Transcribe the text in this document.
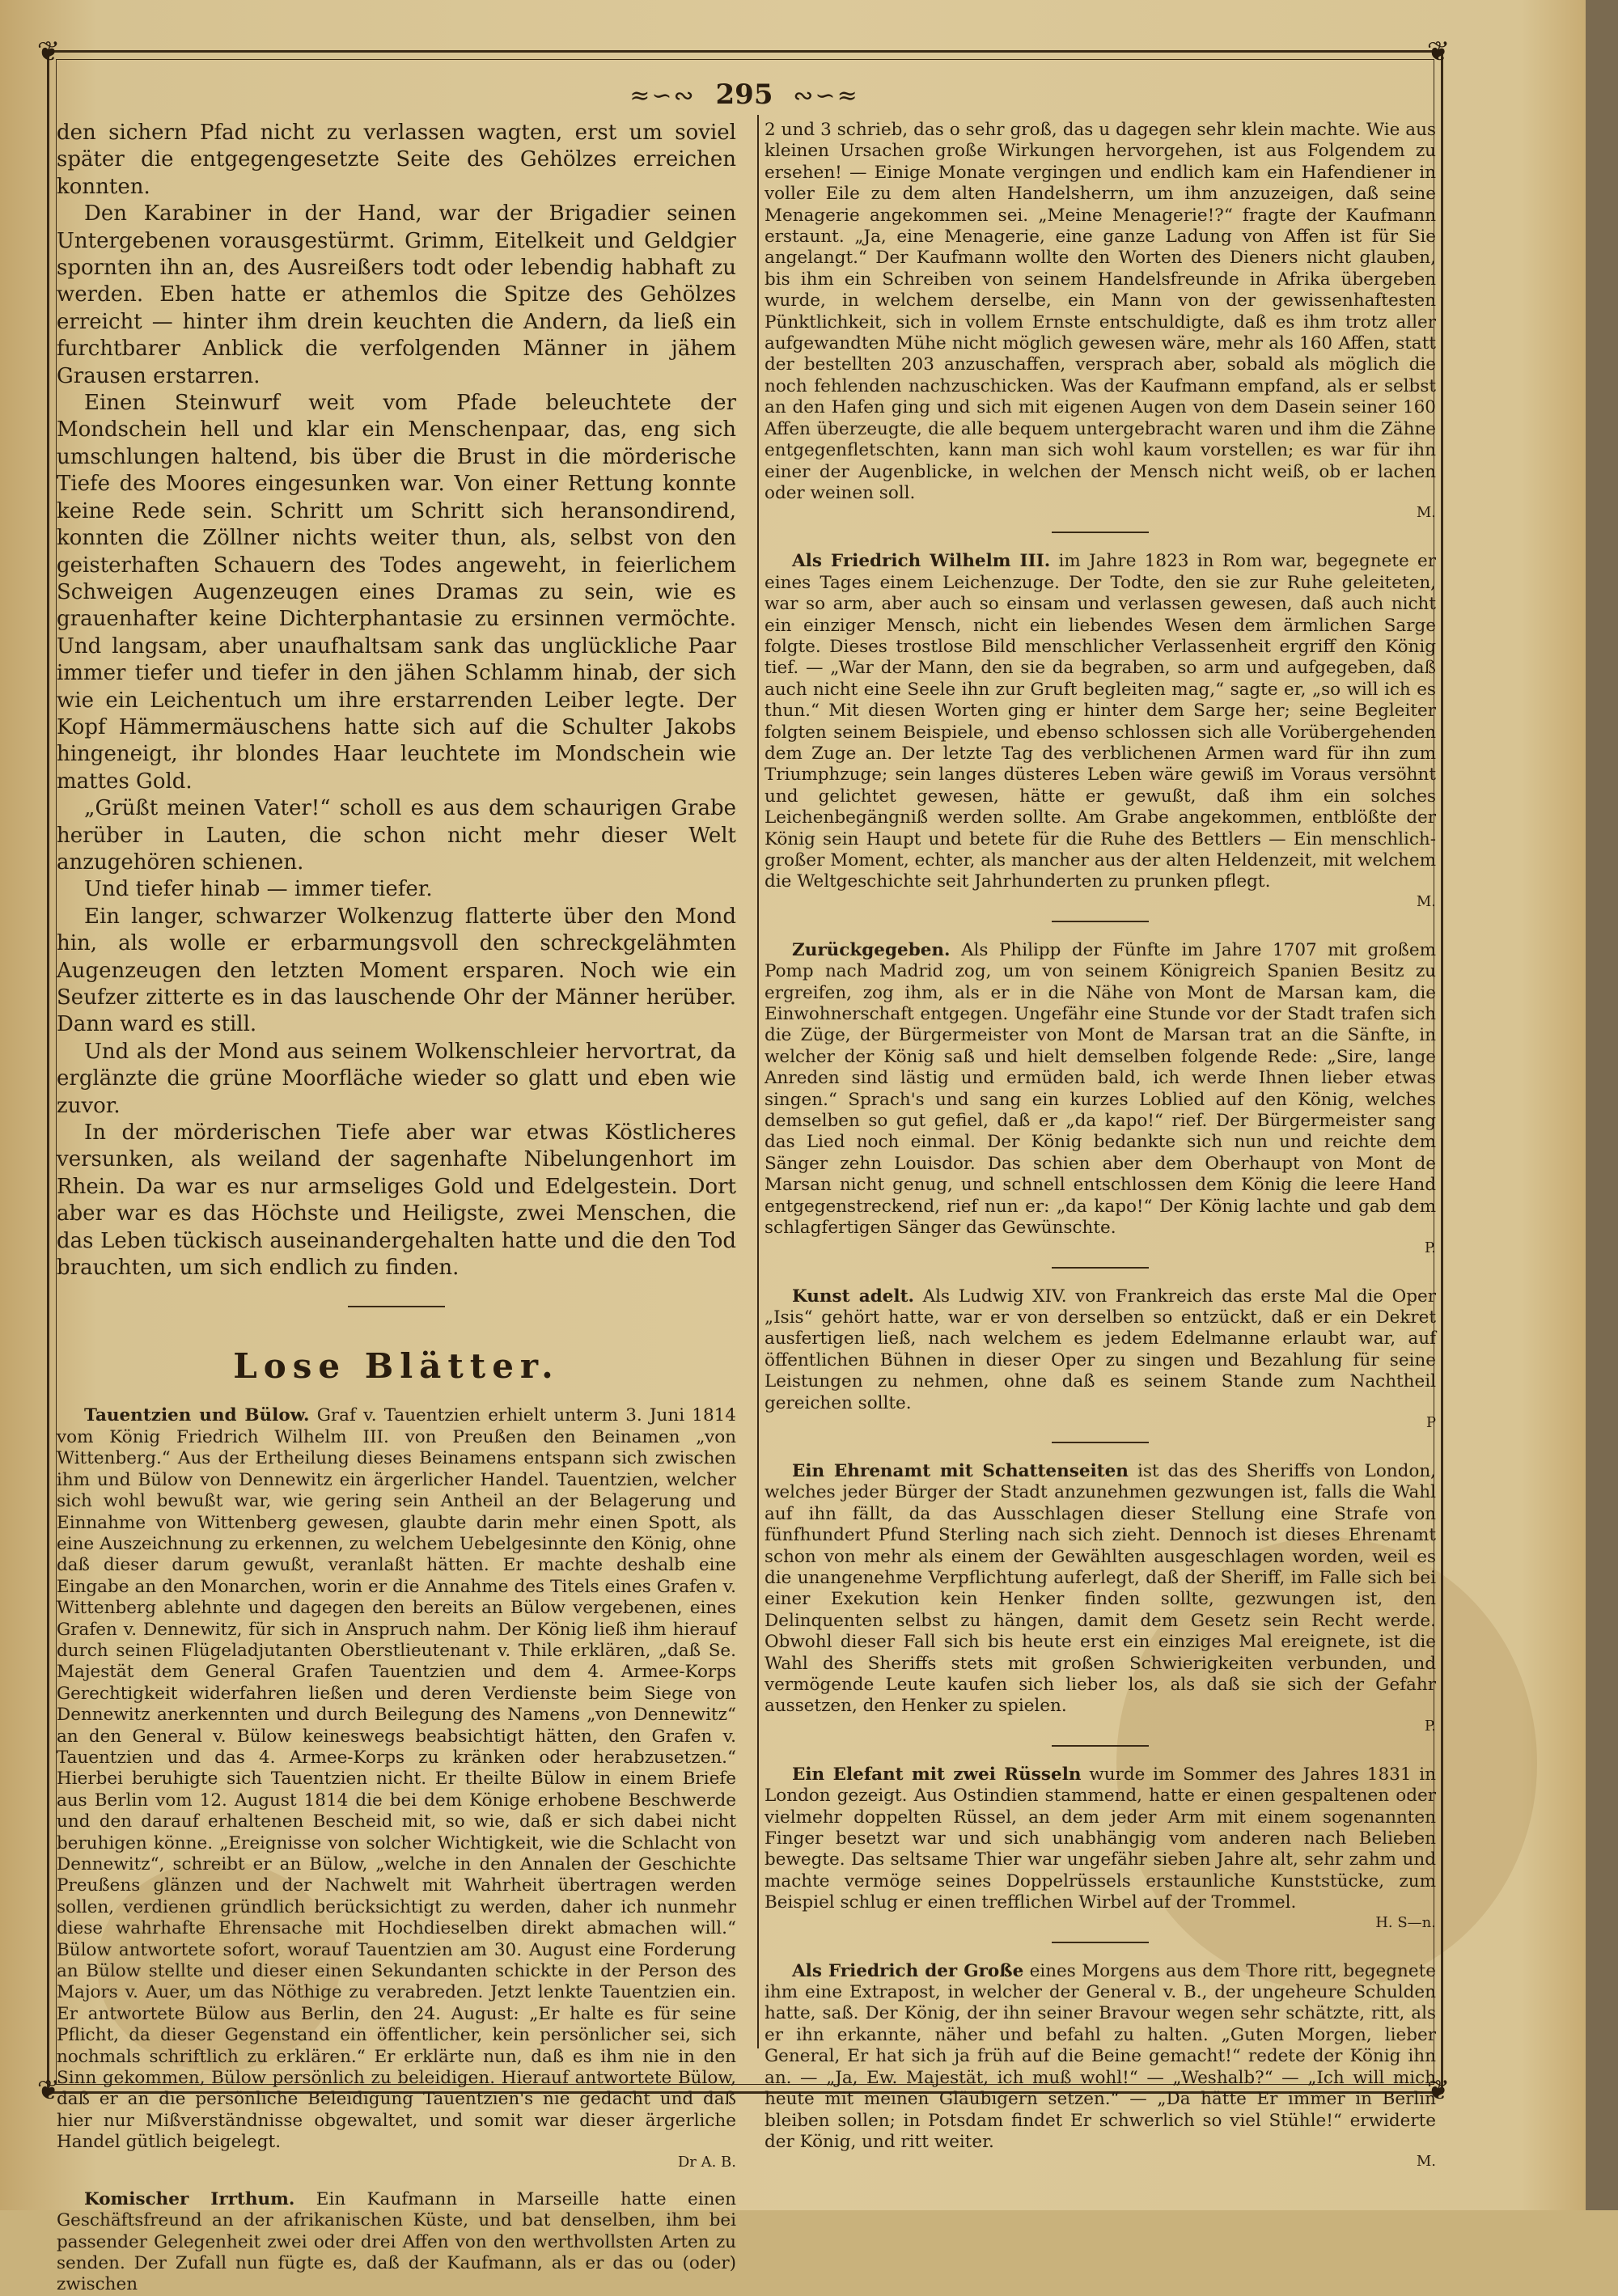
❦	❦
❦	❦
≈∽∾ 295 ∾∽≈

den sichern Pfad nicht zu verlassen wagten, erst um soviel später die entgegengesetzte Seite des Gehölzes erreichen konnten.

Den Karabiner in der Hand, war der Brigadier seinen Untergebenen vorausgestürmt. Grimm, Eitelkeit und Geldgier spornten ihn an, des Ausreißers todt oder lebendig habhaft zu werden. Eben hatte er athemlos die Spitze des Gehölzes erreicht — hinter ihm drein keuchten die Andern, da ließ ein furchtbarer Anblick die verfolgenden Männer in jähem Grausen erstarren.

Einen Steinwurf weit vom Pfade beleuchtete der Mondschein hell und klar ein Menschenpaar, das, eng sich umschlungen haltend, bis über die Brust in die mörderische Tiefe des Moores eingesunken war. Von einer Rettung konnte keine Rede sein. Schritt um Schritt sich heransondirend, konnten die Zöllner nichts weiter thun, als, selbst von den geisterhaften Schauern des Todes angeweht, in feierlichem Schweigen Augenzeugen eines Dramas zu sein, wie es grauenhafter keine Dichterphantasie zu ersinnen vermöchte. Und langsam, aber unaufhaltsam sank das unglückliche Paar immer tiefer und tiefer in den jähen Schlamm hinab, der sich wie ein Leichentuch um ihre erstarrenden Leiber legte. Der Kopf Hämmermäuschens hatte sich auf die Schulter Jakobs hingeneigt, ihr blondes Haar leuchtete im Mondschein wie mattes Gold.

„Grüßt meinen Vater!“ scholl es aus dem schaurigen Grabe herüber in Lauten, die schon nicht mehr dieser Welt anzugehören schienen.

Und tiefer hinab — immer tiefer.

Ein langer, schwarzer Wolkenzug flatterte über den Mond hin, als wolle er erbarmungsvoll den schreckgelähmten Augenzeugen den letzten Moment ersparen. Noch wie ein Seufzer zitterte es in das lauschende Ohr der Männer herüber. Dann ward es still.

Und als der Mond aus seinem Wolkenschleier hervortrat, da erglänzte die grüne Moorfläche wieder so glatt und eben wie zuvor.

In der mörderischen Tiefe aber war etwas Köstlicheres versunken, als weiland der sagenhafte Nibelungenhort im Rhein. Da war es nur armseliges Gold und Edelgestein. Dort aber war es das Höchste und Heiligste, zwei Menschen, die das Leben tückisch auseinandergehalten hatte und die den Tod brauchten, um sich endlich zu finden.

Lose Blätter.

Tauentzien und Bülow. Graf v. Tauentzien erhielt unterm 3. Juni 1814 vom König Friedrich Wilhelm III. von Preußen den Beinamen „von Wittenberg.“ Aus der Ertheilung dieses Beinamens entspann sich zwischen ihm und Bülow von Dennewitz ein ärgerlicher Handel. Tauentzien, welcher sich wohl bewußt war, wie gering sein Antheil an der Belagerung und Einnahme von Wittenberg gewesen, glaubte darin mehr einen Spott, als eine Auszeichnung zu erkennen, zu welchem Uebelgesinnte den König, ohne daß dieser darum gewußt, veranlaßt hätten. Er machte deshalb eine Eingabe an den Monarchen, worin er die Annahme des Titels eines Grafen v. Wittenberg ablehnte und dagegen den bereits an Bülow vergebenen, eines Grafen v. Dennewitz, für sich in Anspruch nahm. Der König ließ ihm hierauf durch seinen Flügeladjutanten Oberstlieutenant v. Thile erklären, „daß Se. Majestät dem General Grafen Tauentzien und dem 4. Armee-Korps Gerechtigkeit widerfahren ließen und deren Verdienste beim Siege von Dennewitz anerkennten und durch Beilegung des Namens „von Dennewitz“ an den General v. Bülow keineswegs beabsichtigt hätten, den Grafen v. Tauentzien und das 4. Armee-Korps zu kränken oder herabzusetzen.“ Hierbei beruhigte sich Tauentzien nicht. Er theilte Bülow in einem Briefe aus Berlin vom 12. August 1814 die bei dem Könige erhobene Beschwerde und den darauf erhaltenen Bescheid mit, so wie, daß er sich dabei nicht beruhigen könne. „Ereignisse von solcher Wichtigkeit, wie die Schlacht von Dennewitz“, schreibt er an Bülow, „welche in den Annalen der Geschichte Preußens glänzen und der Nachwelt mit Wahrheit übertragen werden sollen, verdienen gründlich berücksichtigt zu werden, daher ich nunmehr diese wahrhafte Ehrensache mit Hochdieselben direkt abmachen will.“ Bülow antwortete sofort, worauf Tauentzien am 30. August eine Forderung an Bülow stellte und dieser einen Sekundanten schickte in der Person des Majors v. Auer, um das Nöthige zu verabreden. Jetzt lenkte Tauentzien ein. Er antwortete Bülow aus Berlin, den 24. August: „Er halte es für seine Pflicht, da dieser Gegenstand ein öffentlicher, kein persönlicher sei, sich nochmals schriftlich zu erklären.“ Er erklärte nun, daß es ihm nie in den Sinn gekommen, Bülow persönlich zu beleidigen. Hierauf antwortete Bülow, daß er an die persönliche Beleidigung Tauentzien's nie gedacht und daß hier nur Mißverständnisse obgewaltet, und somit war dieser ärgerliche Handel gütlich beigelegt.

Dr A. B.

Komischer Irrthum. Ein Kaufmann in Marseille hatte einen Geschäftsfreund an der afrikanischen Küste, und bat denselben, ihm bei passender Gelegenheit zwei oder drei Affen von den werthvollsten Arten zu senden. Der Zufall nun fügte es, daß der Kaufmann, als er das ou (oder) zwischen

2 und 3 schrieb, das o sehr groß, das u dagegen sehr klein machte. Wie aus kleinen Ursachen große Wirkungen hervorgehen, ist aus Folgendem zu ersehen! — Einige Monate vergingen und endlich kam ein Hafendiener in voller Eile zu dem alten Handelsherrn, um ihm anzuzeigen, daß seine Menagerie angekommen sei. „Meine Menagerie!?“ fragte der Kaufmann erstaunt. „Ja, eine Menagerie, eine ganze Ladung von Affen ist für Sie angelangt.“ Der Kaufmann wollte den Worten des Dieners nicht glauben, bis ihm ein Schreiben von seinem Handelsfreunde in Afrika übergeben wurde, in welchem derselbe, ein Mann von der gewissenhaftesten Pünktlichkeit, sich in vollem Ernste entschuldigte, daß es ihm trotz aller aufgewandten Mühe nicht möglich gewesen wäre, mehr als 160 Affen, statt der bestellten 203 anzuschaffen, versprach aber, sobald als möglich die noch fehlenden nachzuschicken. Was der Kaufmann empfand, als er selbst an den Hafen ging und sich mit eigenen Augen von dem Dasein seiner 160 Affen überzeugte, die alle bequem untergebracht waren und ihm die Zähne entgegenfletschten, kann man sich wohl kaum vorstellen; es war für ihn einer der Augenblicke, in welchen der Mensch nicht weiß, ob er lachen oder weinen soll.

M.

Als Friedrich Wilhelm III. im Jahre 1823 in Rom war, begegnete er eines Tages einem Leichenzuge. Der Todte, den sie zur Ruhe geleiteten, war so arm, aber auch so einsam und verlassen gewesen, daß auch nicht ein einziger Mensch, nicht ein liebendes Wesen dem ärmlichen Sarge folgte. Dieses trostlose Bild menschlicher Verlassenheit ergriff den König tief. — „War der Mann, den sie da begraben, so arm und aufgegeben, daß auch nicht eine Seele ihn zur Gruft begleiten mag,“ sagte er, „so will ich es thun.“ Mit diesen Worten ging er hinter dem Sarge her; seine Begleiter folgten seinem Beispiele, und ebenso schlossen sich alle Vorübergehenden dem Zuge an. Der letzte Tag des verblichenen Armen ward für ihn zum Triumphzuge; sein langes düsteres Leben wäre gewiß im Voraus versöhnt und gelichtet gewesen, hätte er gewußt, daß ihm ein solches Leichenbegängniß werden sollte. Am Grabe angekommen, entblößte der König sein Haupt und betete für die Ruhe des Bettlers — Ein menschlich-großer Moment, echter, als mancher aus der alten Heldenzeit, mit welchem die Weltgeschichte seit Jahrhunderten zu prunken pflegt.

M.

Zurückgegeben. Als Philipp der Fünfte im Jahre 1707 mit großem Pomp nach Madrid zog, um von seinem Königreich Spanien Besitz zu ergreifen, zog ihm, als er in die Nähe von Mont de Marsan kam, die Einwohnerschaft entgegen. Ungefähr eine Stunde vor der Stadt trafen sich die Züge, der Bürgermeister von Mont de Marsan trat an die Sänfte, in welcher der König saß und hielt demselben folgende Rede: „Sire, lange Anreden sind lästig und ermüden bald, ich werde Ihnen lieber etwas singen.“ Sprach's und sang ein kurzes Loblied auf den König, welches demselben so gut gefiel, daß er „da kapo!“ rief. Der Bürgermeister sang das Lied noch einmal. Der König bedankte sich nun und reichte dem Sänger zehn Louisdor. Das schien aber dem Oberhaupt von Mont de Marsan nicht genug, und schnell entschlossen dem König die leere Hand entgegenstreckend, rief nun er: „da kapo!“ Der König lachte und gab dem schlagfertigen Sänger das Gewünschte.

P.

Kunst adelt. Als Ludwig XIV. von Frankreich das erste Mal die Oper „Isis“ gehört hatte, war er von derselben so entzückt, daß er ein Dekret ausfertigen ließ, nach welchem es jedem Edelmanne erlaubt war, auf öffentlichen Bühnen in dieser Oper zu singen und Bezahlung für seine Leistungen zu nehmen, ohne daß es seinem Stande zum Nachtheil gereichen sollte.

P

Ein Ehrenamt mit Schattenseiten ist das des Sheriffs von London, welches jeder Bürger der Stadt anzunehmen gezwungen ist, falls die Wahl auf ihn fällt, da das Ausschlagen dieser Stellung eine Strafe von fünfhundert Pfund Sterling nach sich zieht. Dennoch ist dieses Ehrenamt schon von mehr als einem der Gewählten ausgeschlagen worden, weil es die unangenehme Verpflichtung auferlegt, daß der Sheriff, im Falle sich bei einer Exekution kein Henker finden sollte, gezwungen ist, den Delinquenten selbst zu hängen, damit dem Gesetz sein Recht werde. Obwohl dieser Fall sich bis heute erst ein einziges Mal ereignete, ist die Wahl des Sheriffs stets mit großen Schwierigkeiten verbunden, und vermögende Leute kaufen sich lieber los, als daß sie sich der Gefahr aussetzen, den Henker zu spielen.

P.

Ein Elefant mit zwei Rüsseln wurde im Sommer des Jahres 1831 in London gezeigt. Aus Ostindien stammend, hatte er einen gespaltenen oder vielmehr doppelten Rüssel, an dem jeder Arm mit einem sogenannten Finger besetzt war und sich unabhängig vom anderen nach Belieben bewegte. Das seltsame Thier war ungefähr sieben Jahre alt, sehr zahm und machte vermöge seines Doppelrüssels erstaunliche Kunststücke, zum Beispiel schlug er einen trefflichen Wirbel auf der Trommel.

H. S—n.

Als Friedrich der Große eines Morgens aus dem Thore ritt, begegnete ihm eine Extrapost, in welcher der General v. B., der ungeheure Schulden hatte, saß. Der König, der ihn seiner Bravour wegen sehr schätzte, ritt, als er ihn erkannte, näher und befahl zu halten. „Guten Morgen, lieber General, Er hat sich ja früh auf die Beine gemacht!“ redete der König ihn an. — „Ja, Ew. Majestät, ich muß wohl!“ — „Weshalb?“ — „Ich will mich heute mit meinen Gläubigern setzen.“ — „Da hätte Er immer in Berlin bleiben sollen; in Potsdam findet Er schwerlich so viel Stühle!“ erwiderte der König, und ritt weiter.

M.
